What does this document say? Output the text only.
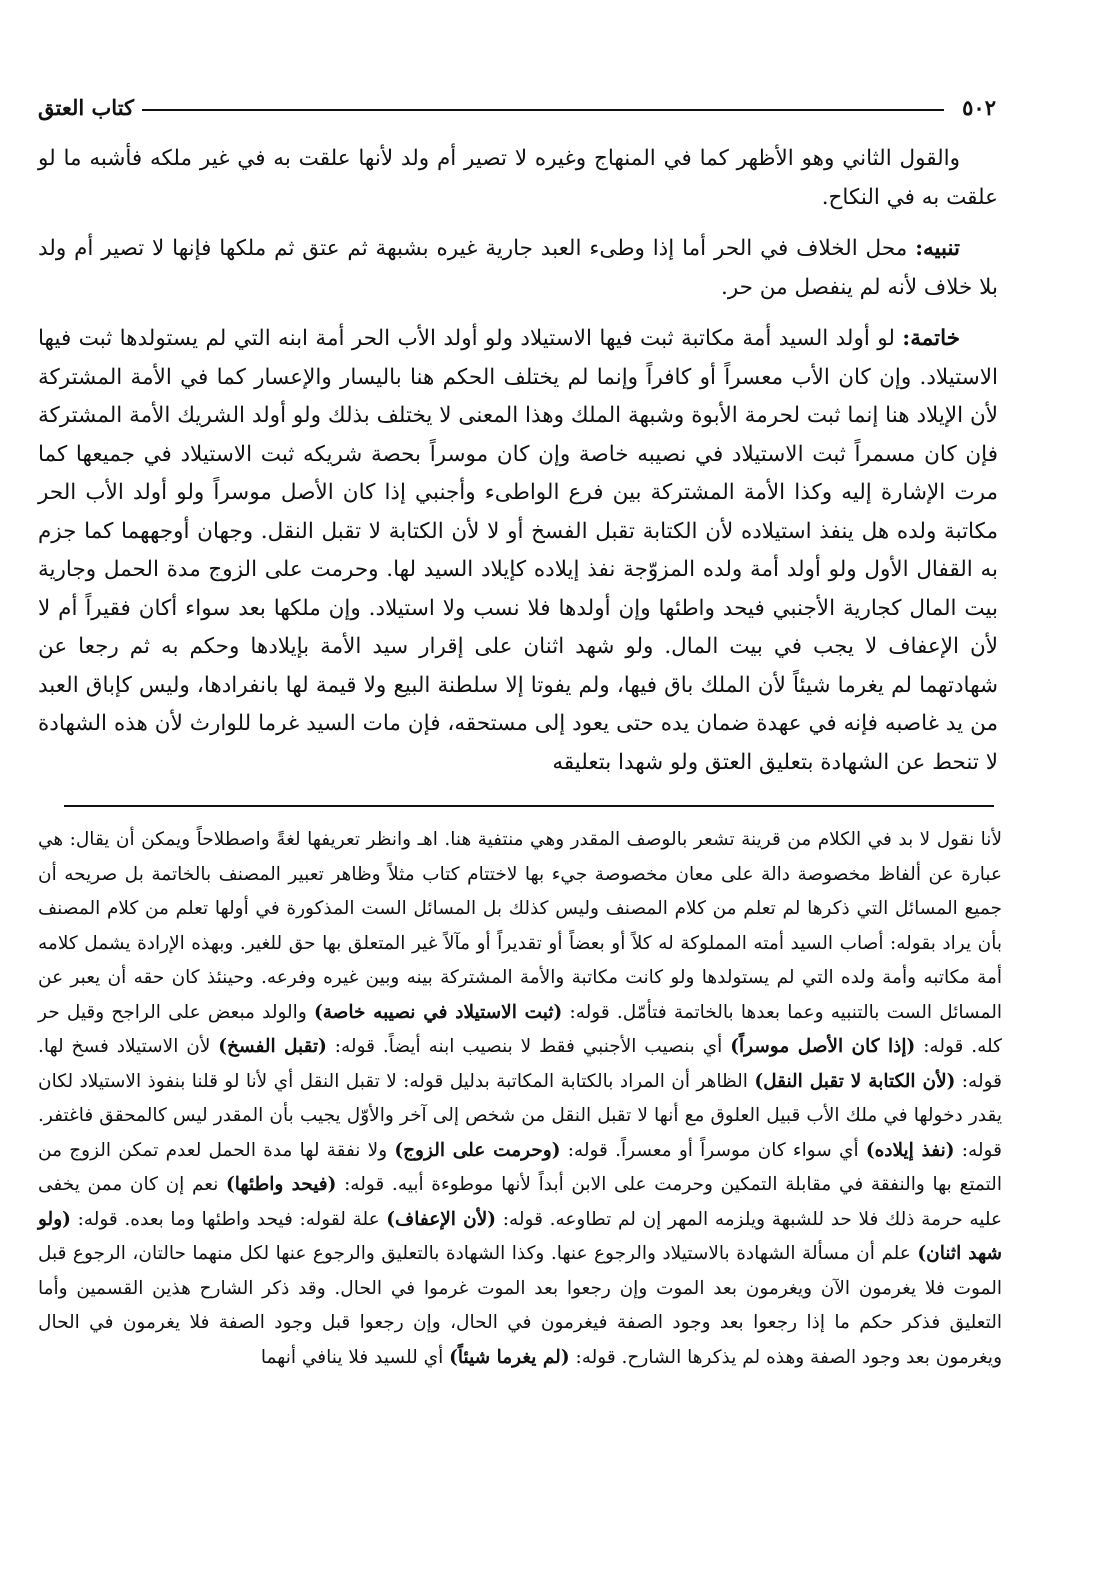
٥٠٢
كتاب العتق

والقول الثاني وهو الأظهر كما في المنهاج وغيره لا تصير أم ولد لأنها علقت به في غير ملكه فأشبه ما لو علقت به في النكاح.

تنبيه: محل الخلاف في الحر أما إذا وطىء العبد جارية غيره بشبهة ثم عتق ثم ملكها فإنها لا تصير أم ولد بلا خلاف لأنه لم ينفصل من حر.

خاتمة: لو أولد السيد أمة مكاتبة ثبت فيها الاستيلاد ولو أولد الأب الحر أمة ابنه التي لم يستولدها ثبت فيها الاستيلاد. وإن كان الأب معسراً أو كافراً وإنما لم يختلف الحكم هنا باليسار والإعسار كما في الأمة المشتركة لأن الإيلاد هنا إنما ثبت لحرمة الأبوة وشبهة الملك وهذا المعنى لا يختلف بذلك ولو أولد الشريك الأمة المشتركة فإن كان مسمراً ثبت الاستيلاد في نصيبه خاصة وإن كان موسراً بحصة شريكه ثبت الاستيلاد في جميعها كما مرت الإشارة إليه وكذا الأمة المشتركة بين فرع الواطىء وأجنبي إذا كان الأصل موسراً ولو أولد الأب الحر مكاتبة ولده هل ينفذ استيلاده لأن الكتابة تقبل الفسخ أو لا لأن الكتابة لا تقبل النقل. وجهان أوجههما كما جزم به القفال الأول ولو أولد أمة ولده المزوّجة نفذ إيلاده كإيلاد السيد لها. وحرمت على الزوج مدة الحمل وجارية بيت المال كجارية الأجنبي فيحد واطئها وإن أولدها فلا نسب ولا استيلاد. وإن ملكها بعد سواء أكان فقيراً أم لا لأن الإعفاف لا يجب في بيت المال. ولو شهد اثنان على إقرار سيد الأمة بإيلادها وحكم به ثم رجعا عن شهادتهما لم يغرما شيئاً لأن الملك باق فيها، ولم يفوتا إلا سلطنة البيع ولا قيمة لها بانفرادها، وليس كإباق العبد من يد غاصبه فإنه في عهدة ضمان يده حتى يعود إلى مستحقه، فإن مات السيد غرما للوارث لأن هذه الشهادة لا تنحط عن الشهادة بتعليق العتق ولو شهدا بتعليقه

لأنا نقول لا بد في الكلام من قرينة تشعر بالوصف المقدر وهي منتفية هنا. اهـ وانظر تعريفها لغةً واصطلاحاً ويمكن أن يقال: هي عبارة عن ألفاظ مخصوصة دالة على معان مخصوصة جيء بها لاختتام كتاب مثلاً وظاهر تعبير المصنف بالخاتمة بل صريحه أن جميع المسائل التي ذكرها لم تعلم من كلام المصنف وليس كذلك بل المسائل الست المذكورة في أولها تعلم من كلام المصنف بأن يراد بقوله: أصاب السيد أمته المملوكة له كلاً أو بعضاً أو تقديراً أو مآلاً غير المتعلق بها حق للغير. وبهذه الإرادة يشمل كلامه أمة مكاتبه وأمة ولده التي لم يستولدها ولو كانت مكاتبة والأمة المشتركة بينه وبين غيره وفرعه. وحينئذ كان حقه أن يعبر عن المسائل الست بالتنبيه وعما بعدها بالخاتمة فتأمّل. قوله: (ثبت الاستيلاد في نصيبه خاصة) والولد مبعض على الراجح وقيل حر كله. قوله: (إذا كان الأصل موسراً) أي بنصيب الأجنبي فقط لا بنصيب ابنه أيضاً. قوله: (تقبل الفسخ) لأن الاستيلاد فسخ لها. قوله: (لأن الكتابة لا تقبل النقل) الظاهر أن المراد بالكتابة المكاتبة بدليل قوله: لا تقبل النقل أي لأنا لو قلنا بنفوذ الاستيلاد لكان يقدر دخولها في ملك الأب قبيل العلوق مع أنها لا تقبل النقل من شخص إلى آخر والأوّل يجيب بأن المقدر ليس كالمحقق فاغتفر. قوله: (نفذ إيلاده) أي سواء كان موسراً أو معسراً. قوله: (وحرمت على الزوج) ولا نفقة لها مدة الحمل لعدم تمكن الزوج من التمتع بها والنفقة في مقابلة التمكين وحرمت على الابن أبداً لأنها موطوءة أبيه. قوله: (فيحد واطئها) نعم إن كان ممن يخفى عليه حرمة ذلك فلا حد للشبهة ويلزمه المهر إن لم تطاوعه. قوله: (لأن الإعفاف) علة لقوله: فيحد واطئها وما بعده. قوله: (ولو شهد اثنان) علم أن مسألة الشهادة بالاستيلاد والرجوع عنها. وكذا الشهادة بالتعليق والرجوع عنها لكل منهما حالتان، الرجوع قبل الموت فلا يغرمون الآن ويغرمون بعد الموت وإن رجعوا بعد الموت غرموا في الحال. وقد ذكر الشارح هذين القسمين وأما التعليق فذكر حكم ما إذا رجعوا بعد وجود الصفة فيغرمون في الحال، وإن رجعوا قبل وجود الصفة فلا يغرمون في الحال ويغرمون بعد وجود الصفة وهذه لم يذكرها الشارح. قوله: (لم يغرما شيئاً) أي للسيد فلا ينافي أنهما
